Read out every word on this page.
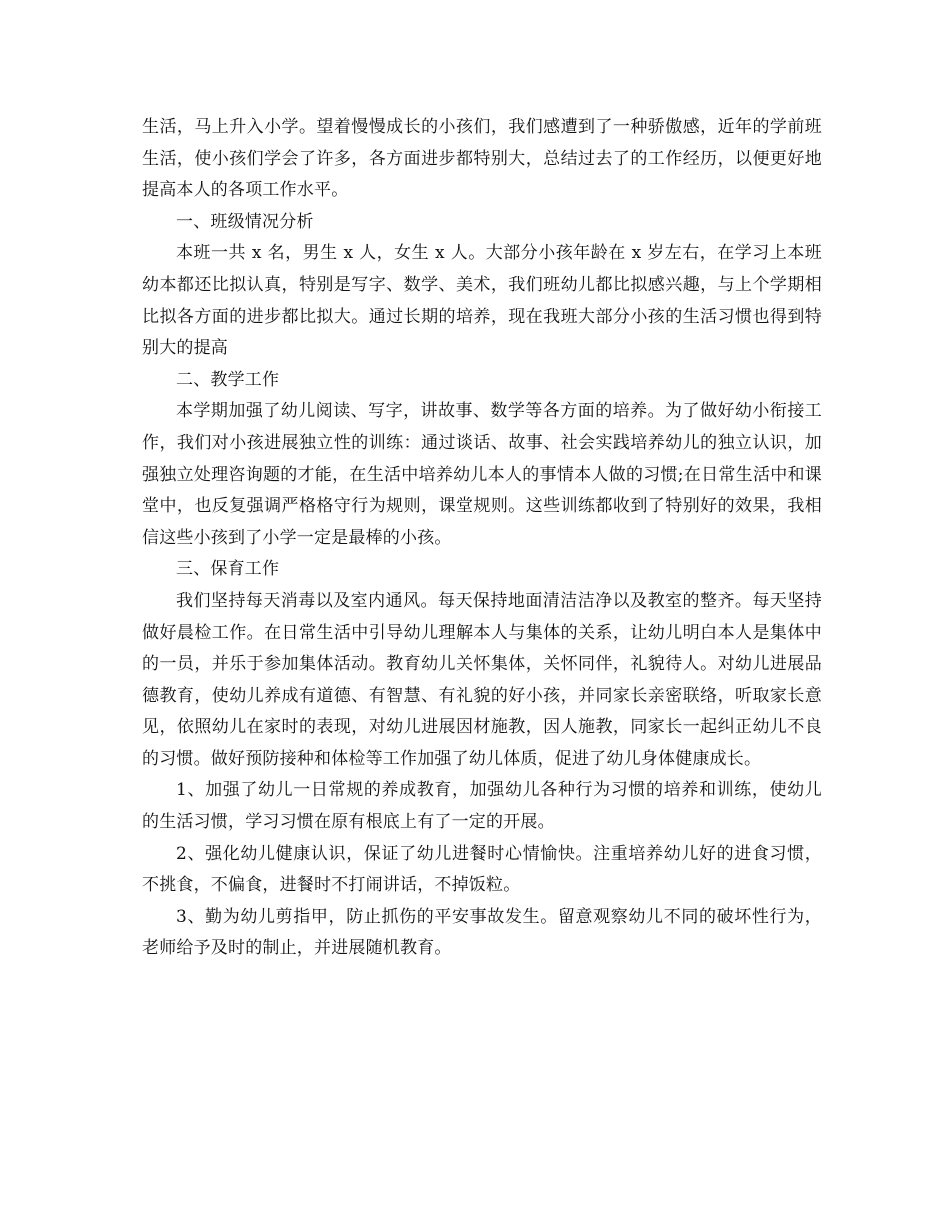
生活，马上升入小学。望着慢慢成长的小孩们，我们感遭到了一种骄傲感，近年的学前班生活，使小孩们学会了许多，各方面进步都特别大，总结过去了的工作经历，以便更好地提高本人的各项工作水平。

一、班级情况分析

本班一共 x 名，男生 x 人，女生 x 人。大部分小孩年龄在 x 岁左右，在学习上本班幼本都还比拟认真，特别是写字、数学、美术，我们班幼儿都比拟感兴趣，与上个学期相比拟各方面的进步都比拟大。通过长期的培养，现在我班大部分小孩的生活习惯也得到特别大的提高

二、教学工作

本学期加强了幼儿阅读、写字，讲故事、数学等各方面的培养。为了做好幼小衔接工作，我们对小孩进展独立性的训练：通过谈话、故事、社会实践培养幼儿的独立认识，加强独立处理咨询题的才能，在生活中培养幼儿本人的事情本人做的习惯;在日常生活中和课堂中，也反复强调严格格守行为规则，课堂规则。这些训练都收到了特别好的效果，我相信这些小孩到了小学一定是最棒的小孩。

三、保育工作

我们坚持每天消毒以及室内通风。每天保持地面清洁洁净以及教室的整齐。每天坚持做好晨检工作。在日常生活中引导幼儿理解本人与集体的关系，让幼儿明白本人是集体中的一员，并乐于参加集体活动。教育幼儿关怀集体，关怀同伴，礼貌待人。对幼儿进展品德教育，使幼儿养成有道德、有智慧、有礼貌的好小孩，并同家长亲密联络，听取家长意见，依照幼儿在家时的表现，对幼儿进展因材施教，因人施教，同家长一起纠正幼儿不良的习惯。做好预防接种和体检等工作加强了幼儿体质，促进了幼儿身体健康成长。

1、加强了幼儿一日常规的养成教育，加强幼儿各种行为习惯的培养和训练，使幼儿的生活习惯，学习习惯在原有根底上有了一定的开展。

2、强化幼儿健康认识，保证了幼儿进餐时心情愉快。注重培养幼儿好的进食习惯，不挑食，不偏食，进餐时不打闹讲话，不掉饭粒。

3、勤为幼儿剪指甲，防止抓伤的平安事故发生。留意观察幼儿不同的破坏性行为，老师给予及时的制止，并进展随机教育。
